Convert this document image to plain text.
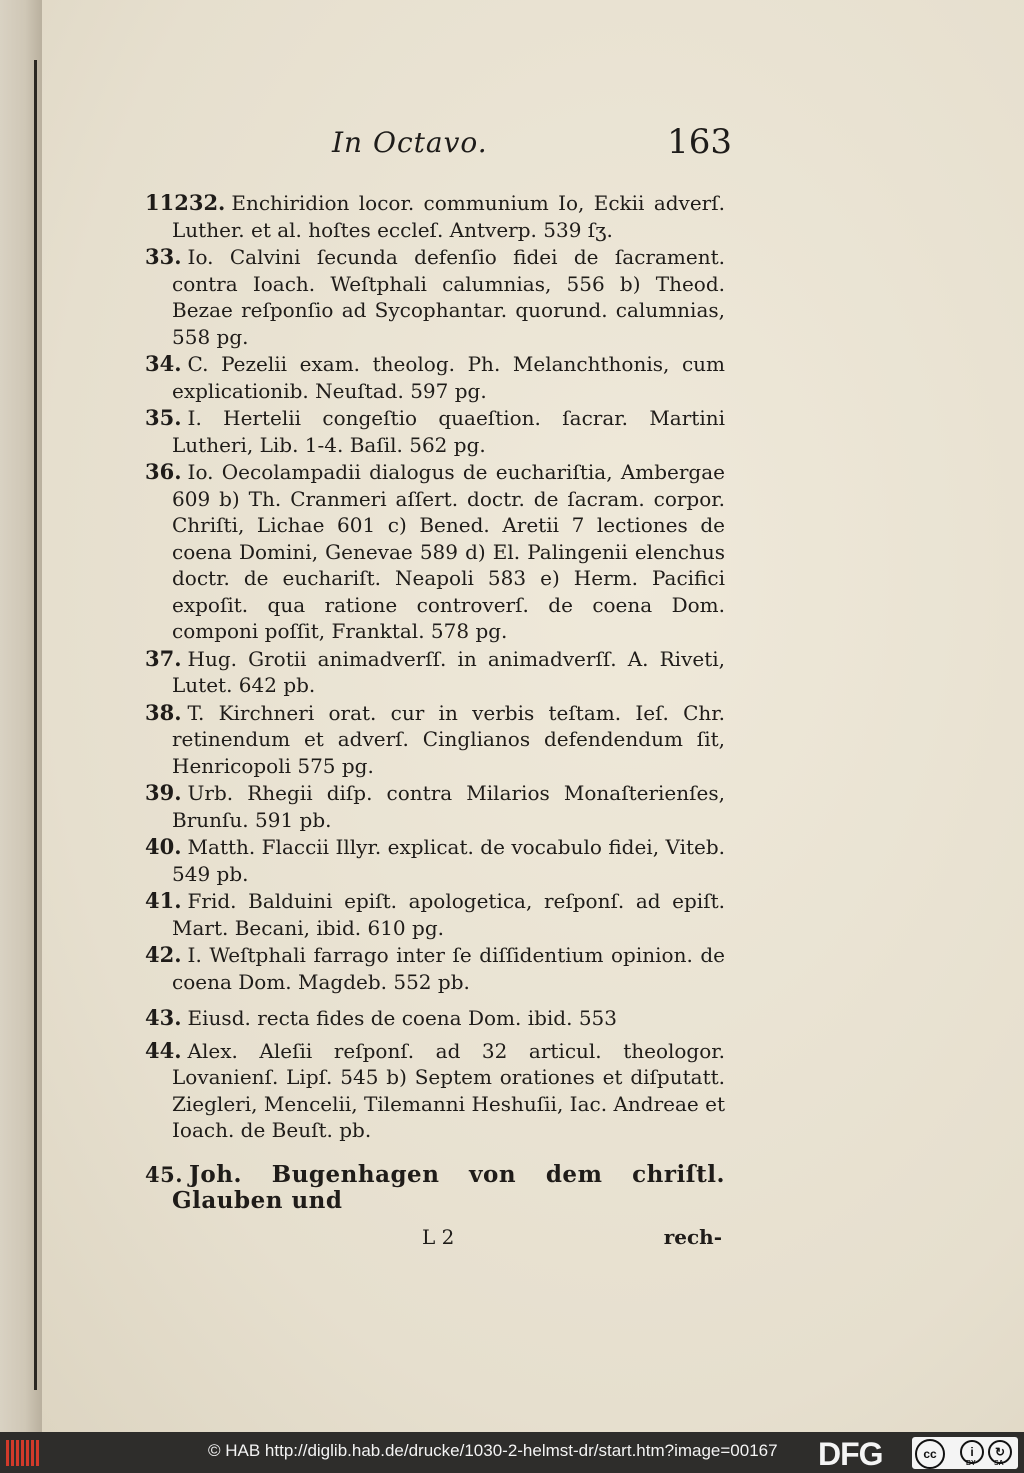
In Octavo.	163
11232. Enchiridion locor. communium Io, Eckii adverſ. Luther. et al. hoſtes eccleſ. Antverp. 539 ſʒ.
33. Io. Calvini ſecunda defenſio fidei de ſacrament. contra Ioach. Weſtphali calumnias, 556 b) Theod. Bezae reſponſio ad Sycophantar. quorund. calumnias, 558 pg.
34. C. Pezelii exam. theolog. Ph. Melanchthonis, cum explicationib. Neuſtad. 597 pg.
35. I. Hertelii congeſtio quaeſtion. ſacrar. Martini Lutheri, Lib. 1-4. Baſil. 562 pg.
36. Io. Oecolampadii dialogus de euchariſtia, Ambergae 609 b) Th. Cranmeri aſſert. doctr. de ſacram. corpor. Chriſti, Lichae 601 c) Bened. Aretii 7 lectiones de coena Domini, Genevae 589 d) El. Palingenii elenchus doctr. de euchariſt. Neapoli 583 e) Herm. Pacifici expoſit. qua ratione controverſ. de coena Dom. componi poſſit, Franktal. 578 pg.
37. Hug. Grotii animadverſſ. in animadverſſ. A. Riveti, Lutet. 642 pb.
38. T. Kirchneri orat. cur in verbis teſtam. Ieſ. Chr. retinendum et adverſ. Cinglianos defendendum ſit, Henricopoli 575 pg.
39. Urb. Rhegii diſp. contra Milarios Monaſterienſes, Brunſu. 591 pb.
40. Matth. Flaccii Illyr. explicat. de vocabulo fidei, Viteb. 549 pb.
41. Frid. Balduini epiſt. apologetica, reſponſ. ad epiſt. Mart. Becani, ibid. 610 pg.
42. I. Weſtphali farrago inter ſe diſſidentium opinion. de coena Dom. Magdeb. 552 pb.
43. Eiusd. recta fides de coena Dom. ibid. 553
44. Alex. Aleſii reſponſ. ad 32 articul. theologor. Lovanienſ. Lipſ. 545 b) Septem orationes et diſputatt. Ziegleri, Mencelii, Tilemanni Heshuſii, Iac. Andreae et Ioach. de Beuſt. pb.
45. Joh. Bugenhagen von dem chriſtl. Glauben und
L 2	rech-
© HAB http://diglib.hab.de/drucke/1030-2-helmst-dr/start.htm?image=00167 DFG	cc	i	↻
BY	SA
